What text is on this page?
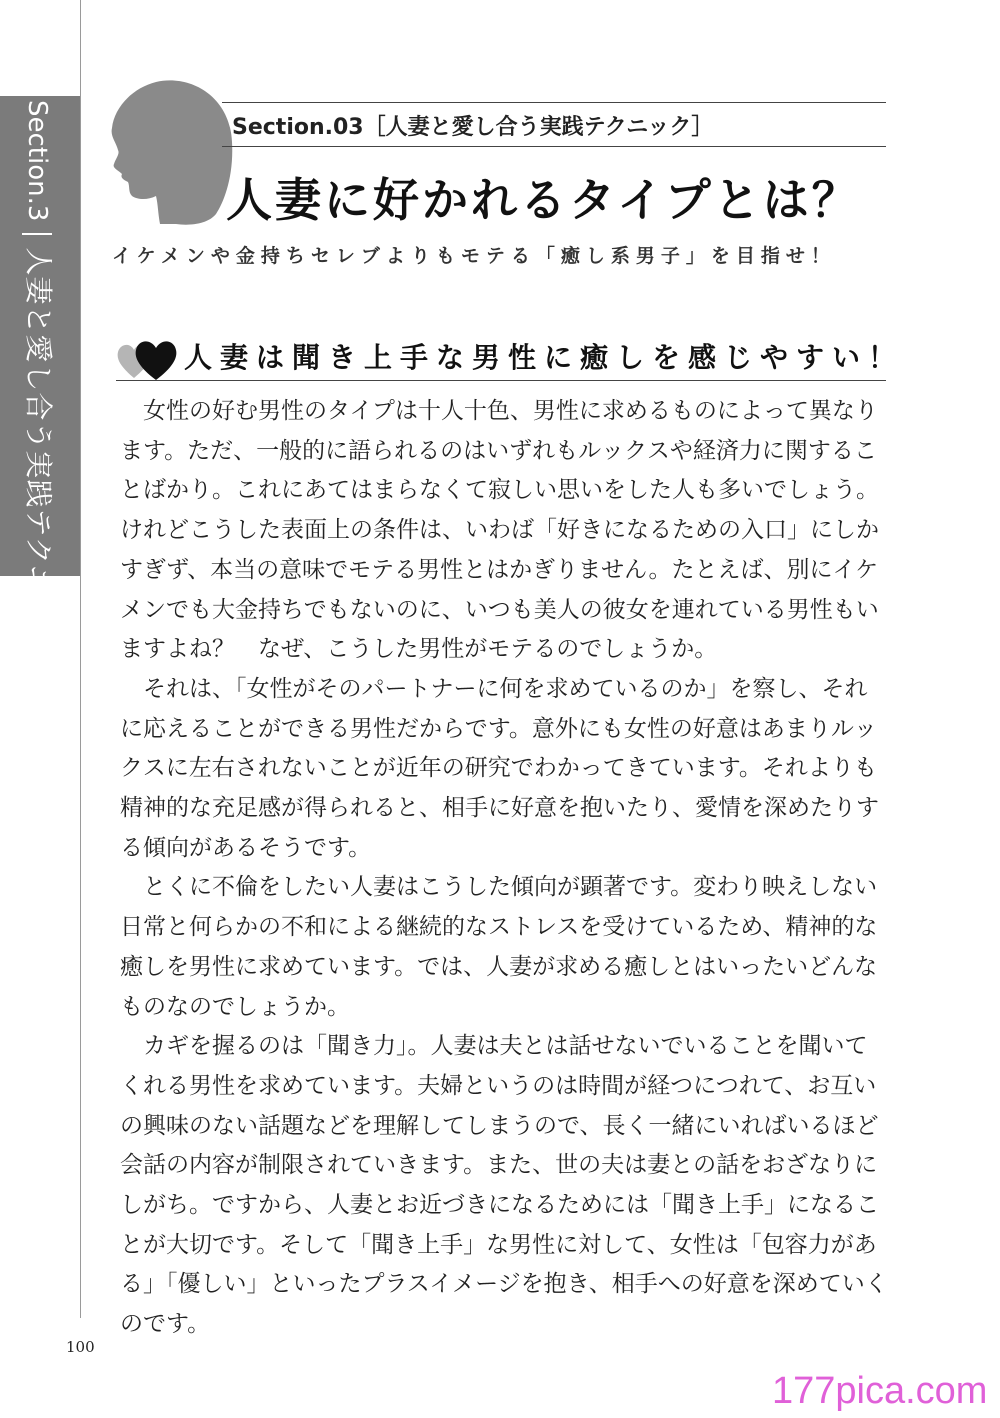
Section.3人妻と愛し合う実践テクニック
Section.03［人妻と愛し合う実践テクニック］
人妻に好かれるタイプとは？
イケメンや金持ちセレブよりもモテる「癒し系男子」を目指せ！
人妻は聞き上手な男性に癒しを感じやすい！

女性の好む男性のタイプは十人十色、男性に求めるものによって異なります。ただ、一般的に語られるのはいずれもルックスや経済力に関することばかり。これにあてはまらなくて寂しい思いをした人も多いでしょう。けれどこうした表面上の条件は、いわば「好きになるための入口」にしかすぎず、本当の意味でモテる男性とはかぎりません。たとえば、別にイケメンでも大金持ちでもないのに、いつも美人の彼女を連れている男性もいますよね？　なぜ、こうした男性がモテるのでしょうか。

それは、「女性がそのパートナーに何を求めているのか」を察し、それに応えることができる男性だからです。意外にも女性の好意はあまりルックスに左右されないことが近年の研究でわかってきています。それよりも精神的な充足感が得られると、相手に好意を抱いたり、愛情を深めたりする傾向があるそうです。

とくに不倫をしたい人妻はこうした傾向が顕著です。変わり映えしない日常と何らかの不和による継続的なストレスを受けているため、精神的な癒しを男性に求めています。では、人妻が求める癒しとはいったいどんなものなのでしょうか。

カギを握るのは「聞き力」。人妻は夫とは話せないでいることを聞いてくれる男性を求めています。夫婦というのは時間が経つにつれて、お互いの興味のない話題などを理解してしまうので、長く一緒にいればいるほど会話の内容が制限されていきます。また、世の夫は妻との話をおざなりにしがち。ですから、人妻とお近づきになるためには「聞き上手」になることが大切です。そして「聞き上手」な男性に対して、女性は「包容力がある」「優しい」といったプラスイメージを抱き、相手への好意を深めていくのです。

100
177pica.com
